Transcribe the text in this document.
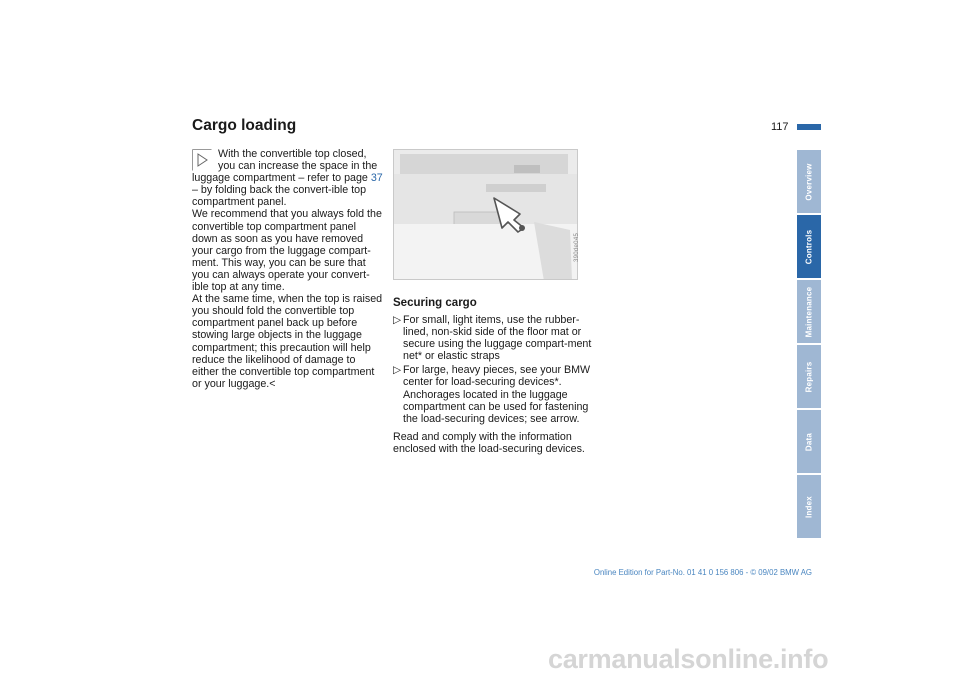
Cargo loading	117

With the convertible top closed, you can increase the space in the luggage compartment – refer to page 37 – by folding back the convert-ible top compartment panel.

We recommend that you always fold the convertible top compartment panel down as soon as you have removed your cargo from the luggage compart-ment. This way, you can be sure that you can always operate your convert-ible top at any time.

At the same time, when the top is raised you should fold the convertible top compartment panel back up before stowing large objects in the luggage compartment; this precaution will help reduce the likelihood of damage to either the convertible top compartment or your luggage.<

390de045
Securing cargo
▷ For small, light items, use the rubber-lined, non-skid side of the floor mat or secure using the luggage compart-ment net* or elastic straps
▷ For large, heavy pieces, see your BMW center for load-securing devices*. Anchorages located in the luggage compartment can be used for fastening the load-securing devices; see arrow.

Read and comply with the information enclosed with the load-securing devices.

Overview
Controls
Maintenance
Repairs
Data
Index
Online Edition for Part-No. 01 41 0 156 806 - © 09/02 BMW AG
carmanualsonline.info
